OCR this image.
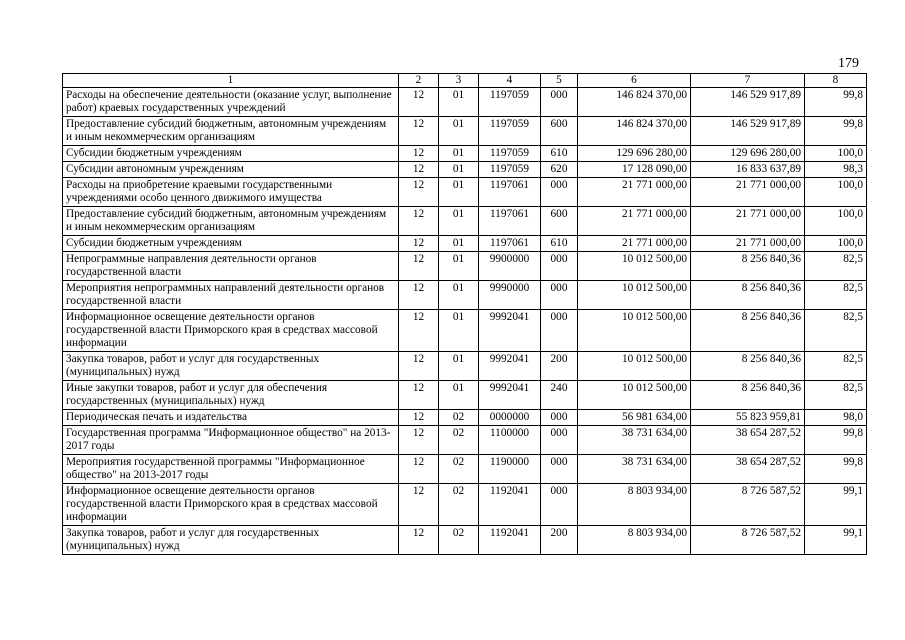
179
1	2	3	4	5	6	7	8
Расходы на обеспечение деятельности (оказание услуг, выполнение работ) краевых государственных учреждений	12	01	1197059	000	146 824 370,00	146 529 917,89	99,8
Предоставление субсидий бюджетным, автономным учреждениям и иным некоммерческим организациям	12	01	1197059	600	146 824 370,00	146 529 917,89	99,8
Субсидии бюджетным учреждениям	12	01	1197059	610	129 696 280,00	129 696 280,00	100,0
Субсидии автономным учреждениям	12	01	1197059	620	17 128 090,00	16 833 637,89	98,3
Расходы на приобретение краевыми государственными учреждениями особо ценного движимого имущества	12	01	1197061	000	21 771 000,00	21 771 000,00	100,0
Предоставление субсидий бюджетным, автономным учреждениям и иным некоммерческим организациям	12	01	1197061	600	21 771 000,00	21 771 000,00	100,0
Субсидии бюджетным учреждениям	12	01	1197061	610	21 771 000,00	21 771 000,00	100,0
Непрограммные направления деятельности органов государственной власти	12	01	9900000	000	10 012 500,00	8 256 840,36	82,5
Мероприятия непрограммных направлений деятельности органов государственной власти	12	01	9990000	000	10 012 500,00	8 256 840,36	82,5
Информационное освещение деятельности органов государственной власти Приморского края в средствах массовой информации	12	01	9992041	000	10 012 500,00	8 256 840,36	82,5
Закупка товаров, работ и услуг для государственных (муниципальных) нужд	12	01	9992041	200	10 012 500,00	8 256 840,36	82,5
Иные закупки товаров, работ и услуг для обеспечения государственных (муниципальных) нужд	12	01	9992041	240	10 012 500,00	8 256 840,36	82,5
Периодическая печать и издательства	12	02	0000000	000	56 981 634,00	55 823 959,81	98,0
Государственная программа "Информационное общество" на 2013-2017 годы	12	02	1100000	000	38 731 634,00	38 654 287,52	99,8
Мероприятия государственной программы "Информационное общество" на 2013-2017 годы	12	02	1190000	000	38 731 634,00	38 654 287,52	99,8
Информационное освещение деятельности органов государственной власти Приморского края в средствах массовой информации	12	02	1192041	000	8 803 934,00	8 726 587,52	99,1
Закупка товаров, работ и услуг для государственных (муниципальных) нужд	12	02	1192041	200	8 803 934,00	8 726 587,52	99,1
